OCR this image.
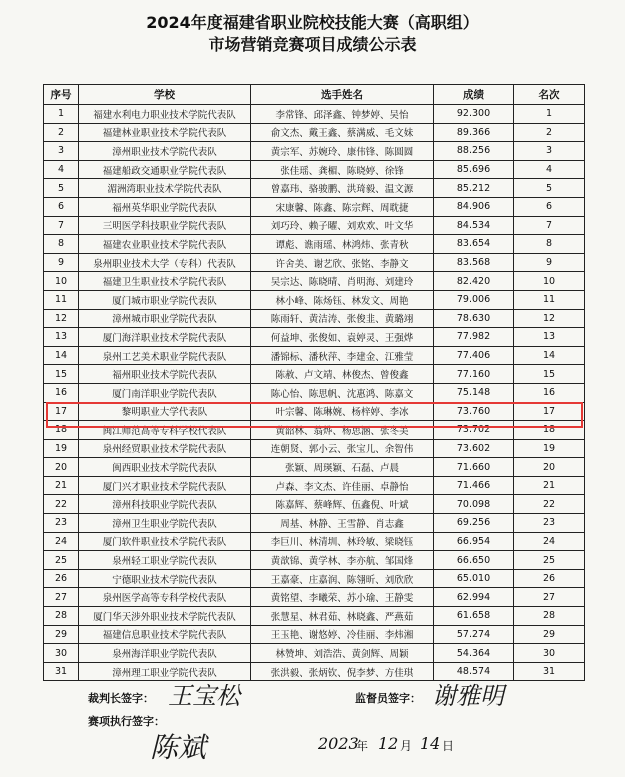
2024年度福建省职业院校技能大赛（高职组）
市场营销竞赛项目成绩公示表
序号	学校	选手姓名	成绩	名次
1	福建水利电力职业技术学院代表队	李常锋、邱泽鑫、钟梦婷、吴怡	92.300	1
2	福建林业职业技术学院代表队	俞文杰、戴王鑫、蔡满威、毛文妹	89.366	2
3	漳州职业技术学院代表队	黄宗军、苏婉玲、康伟锋、陈圆圆	88.256	3
4	福建船政交通职业学院代表队	张佳瑶、龚楣、陈晓婷、徐锋	85.696	4
5	湄洲湾职业技术学院代表队	曾嘉玮、骆骏鹏、洪琦毅、温文源	85.212	5
6	福州英华职业学院代表队	宋康馨、陈鑫、陈宗辉、周耽捷	84.906	6
7	三明医学科技职业学院代表队	刘巧玲、赖子曜、刘欢欢、叶文华	84.534	7
8	福建农业职业技术学院代表队	谭彪、谯雨瑶、林鸿炜、张青秋	83.654	8
9	泉州职业技术大学（专科）代表队	许舍美、谢艺欣、张铭、李静文	83.568	9
10	福建卫生职业技术学院代表队	吴宗达、陈晓晴、肖明海、刘建玲	82.420	10
11	厦门城市职业学院代表队	林小峰、陈炀钰、林发文、周艳	79.006	11
12	漳州城市职业学院代表队	陈雨轩、黄洁涛、张俊韭、黄璐翊	78.630	12
13	厦门海洋职业技术学院代表队	何益坤、张俊如、袁婷灵、王强烨	77.982	13
14	泉州工艺美术职业学院代表队	潘锦标、潘秋萍、李建金、江雅莹	77.406	14
15	福州职业技术学院代表队	陈赦、卢文靖、林俊杰、曾俊鑫	77.160	15
16	厦门南洋职业学院代表队	陈心怡、陈思帆、沈惠鸿、陈嘉文	75.148	16
17	黎明职业大学代表队	叶宗馨、陈琳婉、杨梓婷、李冰	73.760	17
18	闽江师范高等专科学校代表队	黄韶林、翁烨、杨思涵、张冬美	73.702	18
19	泉州经贸职业技术学院代表队	连朝贤、郭小云、张宝儿、余智伟	73.602	19
20	闽西职业技术学院代表队	张颖、周瑛颖、石磊、卢晨	71.660	20
21	厦门兴才职业技术学院代表队	卢森、李文杰、许佳丽、卓静怡	71.466	21
22	漳州科技职业学院代表队	陈嘉辉、蔡峰辉、伍鑫倪、叶斌	70.098	22
23	漳州卫生职业学院代表队	周基、林静、王雪静、肖志鑫	69.256	23
24	厦门软件职业技术学院代表队	李巨川、林清圳、林玲敏、梁晓钰	66.954	24
25	泉州轻工职业学院代表队	黄歆锦、黄学林、李亦航、邹国烽	66.650	25
26	宁德职业技术学院代表队	王嘉豪、庄嘉润、陈翎昕、刘欣欣	65.010	26
27	泉州医学高等专科学校代表队	黄铭望、李曦荣、苏小瑜、王静雯	62.994	27
28	厦门华天涉外职业技术学院代表队	张慧星、林君茹、林晓鑫、严燕茹	61.658	28
29	福建信息职业技术学院代表队	王玉艳、谢悠婷、冷佳丽、李炜湘	57.274	29
30	泉州海洋职业学院代表队	林赞坤、刘浩浩、黄剑辉、周颖	54.364	30
31	漳州理工职业学院代表队	张洪毅、张炳钦、倪李梦、方佳琪	48.574	31
裁判长签字： 王宝松	监督员签字： 谢雅明
赛项执行签字：
陈斌	2023
年 12 月 14 日
